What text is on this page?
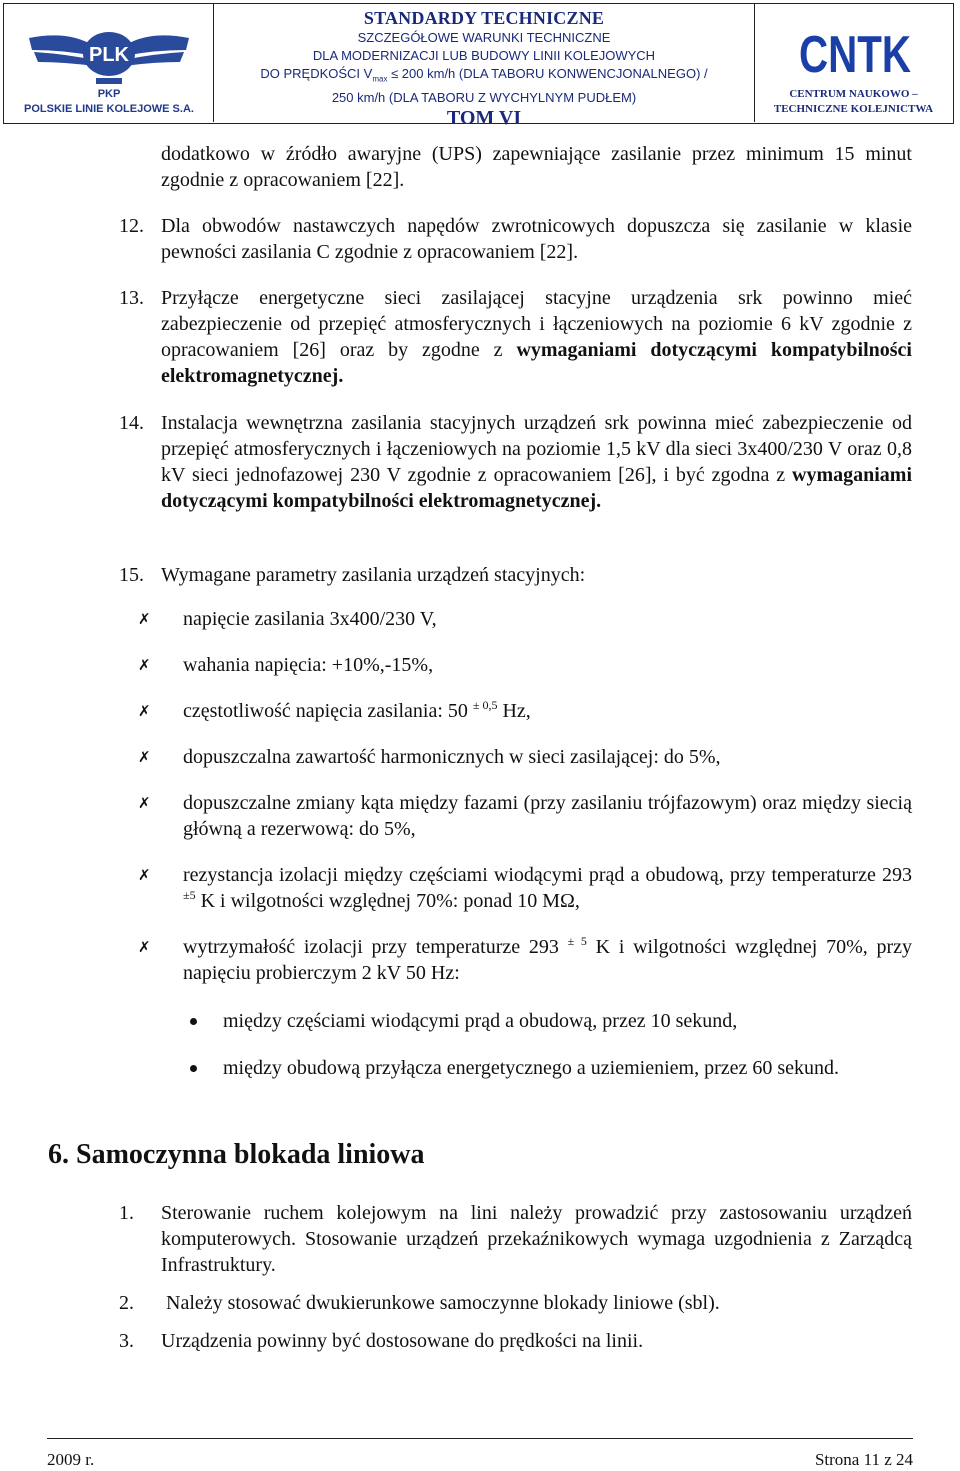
PLK
PKP
POLSKIE LINIE KOLEJOWE S.A.
STANDARDY TECHNICZNE
SZCZEGÓŁOWE WARUNKI TECHNICZNE
DLA MODERNIZACJI LUB BUDOWY LINII KOLEJOWYCH
DO PRĘDKOŚCI $V_{max} \le 200$ km/h (DLA TABORU KONWENCJONALNEGO) /
250 km/h (DLA TABORU Z WYCHYLNYM PUDŁEM)
TOM VI
CNTK
CENTRUM NAUKOWO –
TECHNICZNE KOLEJNICTWA
dodatkowo w źródło awaryjne (UPS) zapewniające zasilanie przez minimum 15 minut zgodnie z opracowaniem [22].
12. Dla obwodów nastawczych napędów zwrotnicowych dopuszcza się zasilanie w klasie pewności zasilania C zgodnie z opracowaniem [22].
13. Przyłącze energetyczne sieci zasilającej stacyjne urządzenia srk powinno mieć zabezpieczenie od przepięć atmosferycznych i łączeniowych na poziomie 6 kV zgodnie z opracowaniem [26] oraz by zgodne z wymaganiami dotyczącymi kompatybilności elektromagnetycznej.
14. Instalacja wewnętrzna zasilania stacyjnych urządzeń srk powinna mieć zabezpieczenie od przepięć atmosferycznych i łączeniowych na poziomie 1,5 kV dla sieci 3x400/230 V oraz 0,8 kV sieci jednofazowej 230 V zgodnie z opracowaniem [26], i być zgodna z wymaganiami dotyczącymi kompatybilności elektromagnetycznej.
15. Wymagane parametry zasilania urządzeń stacyjnych:
✗ napięcie zasilania 3x400/230 V,
✗ wahania napięcia: +10%,-15%,
✗ częstotliwość napięcia zasilania: 50 $^{\pm 0,5}$ Hz,
✗ dopuszczalna zawartość harmonicznych w sieci zasilającej: do 5%,
✗ dopuszczalne zmiany kąta między fazami (przy zasilaniu trójfazowym) oraz między siecią główną a rezerwową: do 5%,
✗ rezystancja izolacji między częściami wiodącymi prąd a obudową, przy temperaturze 293 $^{\pm 5}$ K i wilgotności względnej 70%: ponad 10 MΩ,
✗ wytrzymałość izolacji przy temperaturze 293 $^{\pm 5}$ K i wilgotności względnej 70%, przy napięciu probierczym 2 kV 50 Hz:
między częściami wiodącymi prąd a obudową, przez 10 sekund,
między obudową przyłącza energetycznego a uziemieniem, przez 60 sekund.
6. Samoczynna blokada liniowa
1. Sterowanie ruchem kolejowym na lini należy prowadzić przy zastosowaniu urządzeń komputerowych. Stosowanie urządzeń przekaźnikowych wymaga uzgodnienia z Zarządcą Infrastruktury.
2. Należy stosować dwukierunkowe samoczynne blokady liniowe (sbl).
3. Urządzenia powinny być dostosowane do prędkości na linii.
2009 r.	Strona 11 z 24
